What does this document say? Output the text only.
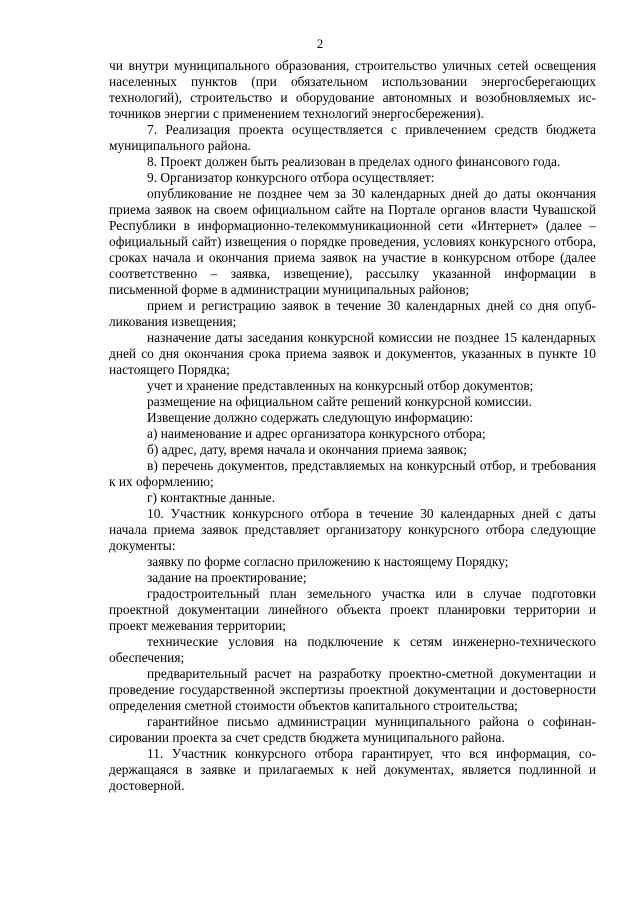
2

чи внутри муниципального образования, строительство уличных сетей освещения населенных пунктов (при обязательном использовании энергосберегающих технологий), строительство и оборудование автономных и возобновляемых источников энергии с применением технологий энергосбережения).

7. Реализация проекта осуществляется с привлечением средств бюджета муниципального района.

8. Проект должен быть реализован в пределах одного финансового года.

9. Организатор конкурсного отбора осуществляет:

опубликование не позднее чем за 30 календарных дней до даты окончания приема заявок на своем официальном сайте на Портале органов власти Чувашской Республики в информационно-телекоммуникационной сети «Интернет» (далее – официальный сайт) извещения о порядке проведения, условиях конкурсного отбора, сроках начала и окончания приема заявок на участие в конкурсном отборе (далее соответственно – заявка, извещение), рассылку указанной информации в письменной форме в администрации муниципальных районов;

прием и регистрацию заявок в течение 30 календарных дней со дня опубликования извещения;

назначение даты заседания конкурсной комиссии не позднее 15 календарных дней со дня окончания срока приема заявок и документов, указанных в пункте 10 настоящего Порядка;

учет и хранение представленных на конкурсный отбор документов;

размещение на официальном сайте решений конкурсной комиссии.

Извещение должно содержать следующую информацию:

а) наименование и адрес организатора конкурсного отбора;

б) адрес, дату, время начала и окончания приема заявок;

в) перечень документов, представляемых на конкурсный отбор, и требования к их оформлению;

г) контактные данные.

10. Участник конкурсного отбора в течение 30 календарных дней с даты начала приема заявок представляет организатору конкурсного отбора следующие документы:

заявку по форме согласно приложению к настоящему Порядку;

задание на проектирование;

градостроительный план земельного участка или в случае подготовки проектной документации линейного объекта проект планировки территории и проект межевания территории;

технические условия на подключение к сетям инженерно-технического обеспечения;

предварительный расчет на разработку проектно-сметной документации и проведение государственной экспертизы проектной документации и достоверности определения сметной стоимости объектов капитального строительства;

гарантийное письмо администрации муниципального района о софинансировании проекта за счет средств бюджета муниципального района.

11. Участник конкурсного отбора гарантирует, что вся информация, содержащаяся в заявке и прилагаемых к ней документах, является подлинной и достоверной.
